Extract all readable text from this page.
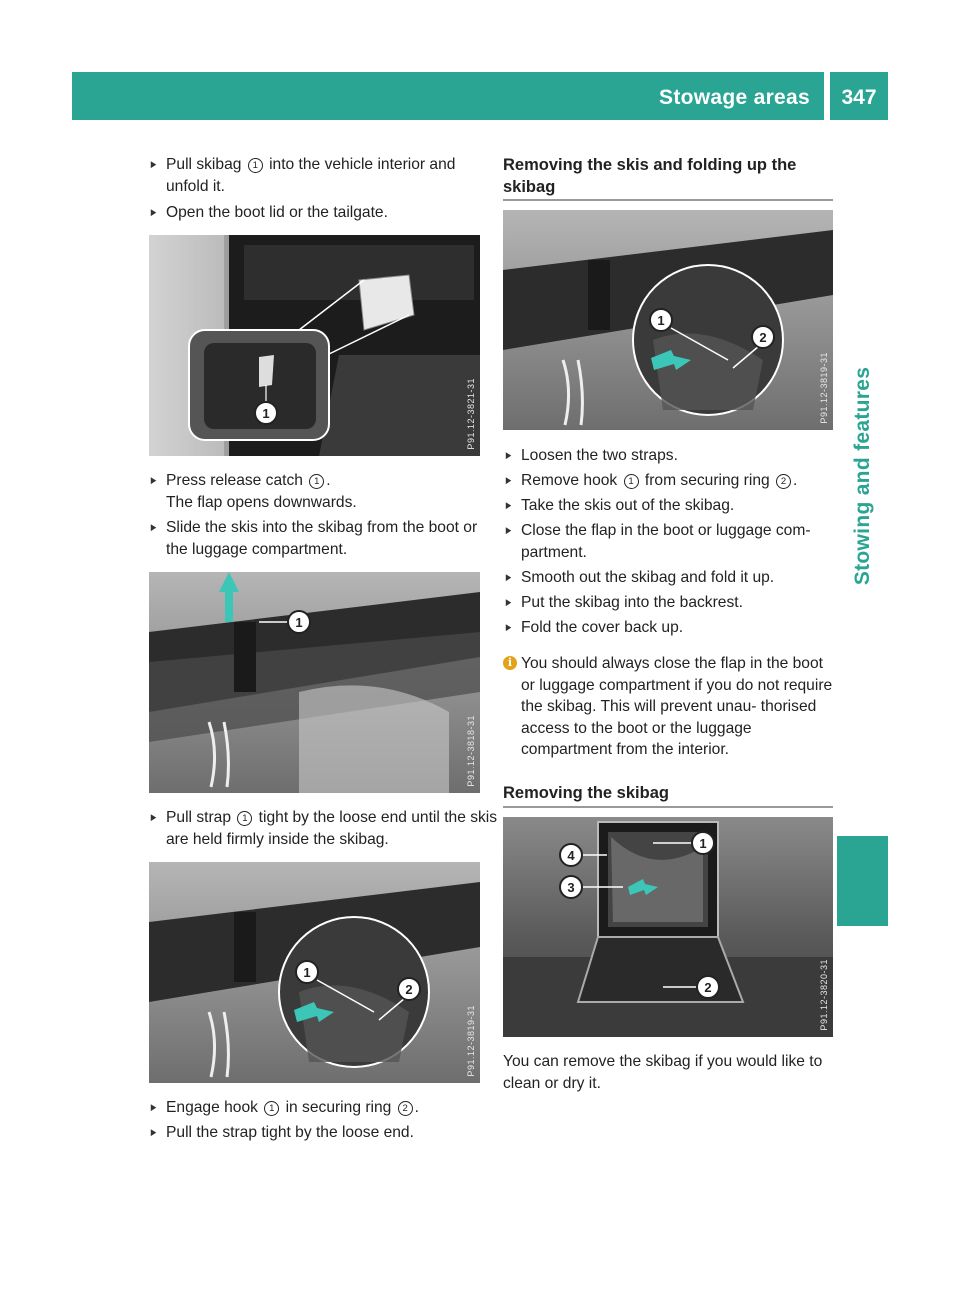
Stowage areas	347
Stowing and features
▶ Pull skibag 1 into the vehicle interior and unfold it.
▶ Open the boot lid or the tailgate.
1	P91.12-3821-31
▶ Press release catch 1 .
The flap opens downwards.
▶ Slide the skis into the skibag from the boot or the luggage compartment.
1
P91.12-3818-31
▶ Pull strap 1 tight by the loose end until the skis are held firmly inside the skibag.
1
2
P91.12-3819-31
▶ Engage hook 1 in securing ring 2 .
▶ Pull the strap tight by the loose end.
Removing the skis and folding up the skibag
1
2
P91.12-3819-31
▶ Loosen the two straps.
▶ Remove hook 1 from securing ring 2 .
▶ Take the skis out of the skibag.
▶ Close the flap in the boot or luggage com- partment.
▶ Smooth out the skibag and fold it up.
▶ Put the skibag into the backrest.
▶ Fold the cover back up.
i You should always close the flap in the boot or luggage compartment if you do not require the skibag. This will prevent unau- thorised access to the boot or the luggage compartment from the interior.
Removing the skibag
1
2
3
4
P91.12-3820-31
You can remove the skibag if you would like to clean or dry it.
